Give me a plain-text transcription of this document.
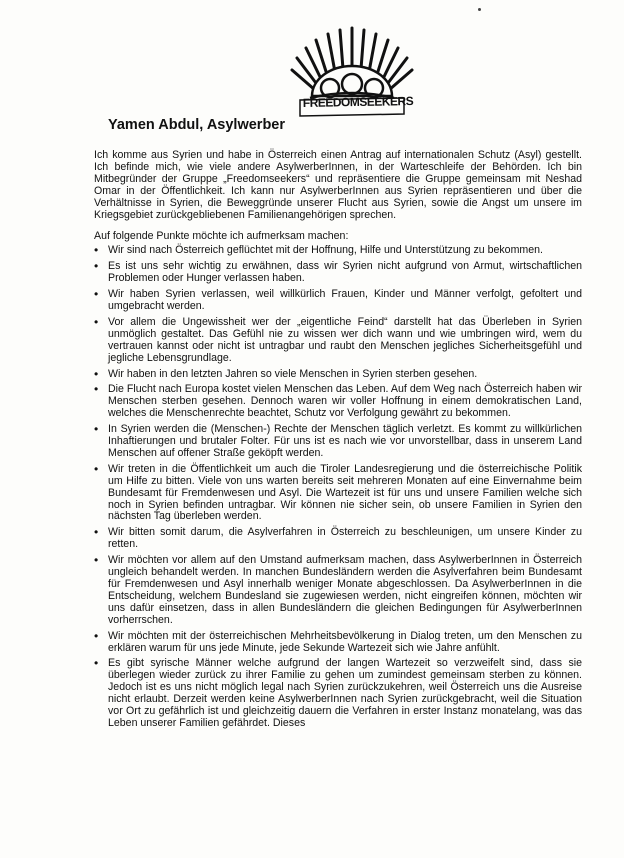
FREEDOMSEEKERS
Yamen Abdul, Asylwerber

Ich komme aus Syrien und habe in Österreich einen Antrag auf internationalen Schutz (Asyl) gestellt. Ich befinde mich, wie viele andere AsylwerberInnen, in der Warteschleife der Behörden. Ich bin Mitbegründer der Gruppe „Freedomseekers“ und repräsentiere die Gruppe gemeinsam mit Neshad Omar in der Öffentlichkeit. Ich kann nur AsylwerberInnen aus Syrien repräsentieren und über die Verhältnisse in Syrien, die Beweggründe unserer Flucht aus Syrien, sowie die Angst um unsere im Kriegsgebiet zurückgebliebenen Familienangehörigen sprechen.

Auf folgende Punkte möchte ich aufmerksam machen:

• Wir sind nach Österreich geflüchtet mit der Hoffnung, Hilfe und Unterstützung zu bekommen.
• Es ist uns sehr wichtig zu erwähnen, dass wir Syrien nicht aufgrund von Armut, wirtschaftlichen Problemen oder Hunger verlassen haben.
• Wir haben Syrien verlassen, weil willkürlich Frauen, Kinder und Männer verfolgt, gefoltert und umgebracht werden.
• Vor allem die Ungewissheit wer der „eigentliche Feind“ darstellt hat das Überleben in Syrien unmöglich gestaltet. Das Gefühl nie zu wissen wer dich wann und wie umbringen wird, wem du vertrauen kannst oder nicht ist untragbar und raubt den Menschen jegliches Sicherheitsgefühl und jegliche Lebensgrundlage.
• Wir haben in den letzten Jahren so viele Menschen in Syrien sterben gesehen.
• Die Flucht nach Europa kostet vielen Menschen das Leben. Auf dem Weg nach Österreich haben wir Menschen sterben gesehen. Dennoch waren wir voller Hoffnung in einem demokratischen Land, welches die Menschenrechte beachtet, Schutz vor Verfolgung gewährt zu bekommen.
• In Syrien werden die (Menschen-) Rechte der Menschen täglich verletzt. Es kommt zu willkürlichen Inhaftierungen und brutaler Folter. Für uns ist es nach wie vor unvorstellbar, dass in unserem Land Menschen auf offener Straße geköpft werden.
• Wir treten in die Öffentlichkeit um auch die Tiroler Landesregierung und die österreichische Politik um Hilfe zu bitten. Viele von uns warten bereits seit mehreren Monaten auf eine Einvernahme beim Bundesamt für Fremdenwesen und Asyl. Die Wartezeit ist für uns und unsere Familien welche sich noch in Syrien befinden untragbar. Wir können nie sicher sein, ob unsere Familien in Syrien den nächsten Tag überleben werden.
• Wir bitten somit darum, die Asylverfahren in Österreich zu beschleunigen, um unsere Kinder zu retten.
• Wir möchten vor allem auf den Umstand aufmerksam machen, dass AsylwerberInnen in Österreich ungleich behandelt werden. In manchen Bundesländern werden die Asylverfahren beim Bundesamt für Fremdenwesen und Asyl innerhalb weniger Monate abgeschlossen. Da AsylwerberInnen in die Entscheidung, welchem Bundesland sie zugewiesen werden, nicht eingreifen können, möchten wir uns dafür einsetzen, dass in allen Bundesländern die gleichen Bedingungen für AsylwerberInnen vorherrschen.
• Wir möchten mit der österreichischen Mehrheitsbevölkerung in Dialog treten, um den Menschen zu erklären warum für uns jede Minute, jede Sekunde Wartezeit sich wie Jahre anfühlt.
• Es gibt syrische Männer welche aufgrund der langen Wartezeit so verzweifelt sind, dass sie überlegen wieder zurück zu ihrer Familie zu gehen um zumindest gemeinsam sterben zu können. Jedoch ist es uns nicht möglich legal nach Syrien zurückzukehren, weil Österreich uns die Ausreise nicht erlaubt. Derzeit werden keine AsylwerberInnen nach Syrien zurückgebracht, weil die Situation vor Ort zu gefährlich ist und gleichzeitig dauern die Verfahren in erster Instanz monatelang, was das Leben unserer Familien gefährdet. Dieses
